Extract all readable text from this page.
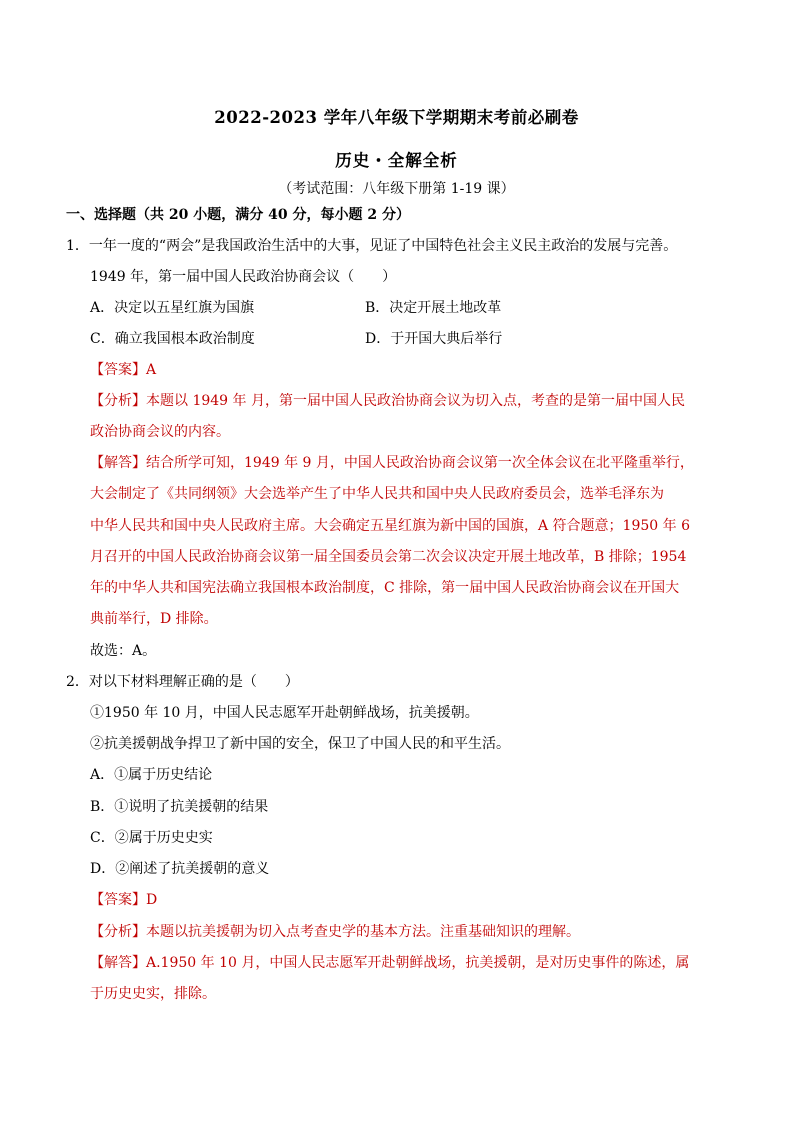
2022-2023 学年八年级下学期期末考前必刷卷
历史・全解全析
（考试范围：八年级下册第 1-19 课）
一、选择题（共 20 小题，满分 40 分，每小题 2 分）
1．一年一度的“两会”是我国政治生活中的大事，见证了中国特色社会主义民主政治的发展与完善。
1949 年，第一届中国人民政治协商会议（　　）
A．决定以五星红旗为国旗	B．决定开展土地改革
C．确立我国根本政治制度	D．于开国大典后举行
【答案】A
【分析】本题以 1949 年 月，第一届中国人民政治协商会议为切入点，考查的是第一届中国人民
政治协商会议的内容。
【解答】结合所学可知，1949 年 9 月，中国人民政治协商会议第一次全体会议在北平隆重举行，
大会制定了《共同纲领》大会选举产生了中华人民共和国中央人民政府委员会，选举毛泽东为
中华人民共和国中央人民政府主席。大会确定五星红旗为新中国的国旗，A 符合题意；1950 年 6
月召开的中国人民政治协商会议第一届全国委员会第二次会议决定开展土地改革，B 排除；1954
年的中华人共和国宪法确立我国根本政治制度，C 排除，第一届中国人民政治协商会议在开国大
典前举行，D 排除。
故选：A。
2．对以下材料理解正确的是（　　）
①1950 年 10 月，中国人民志愿军开赴朝鲜战场，抗美援朝。
②抗美援朝战争捍卫了新中国的安全，保卫了中国人民的和平生活。
A．①属于历史结论
B．①说明了抗美援朝的结果
C．②属于历史史实
D．②阐述了抗美援朝的意义
【答案】D
【分析】本题以抗美援朝为切入点考查史学的基本方法。注重基础知识的理解。
【解答】A.1950 年 10 月，中国人民志愿军开赴朝鲜战场，抗美援朝，是对历史事件的陈述，属
于历史史实，排除。
